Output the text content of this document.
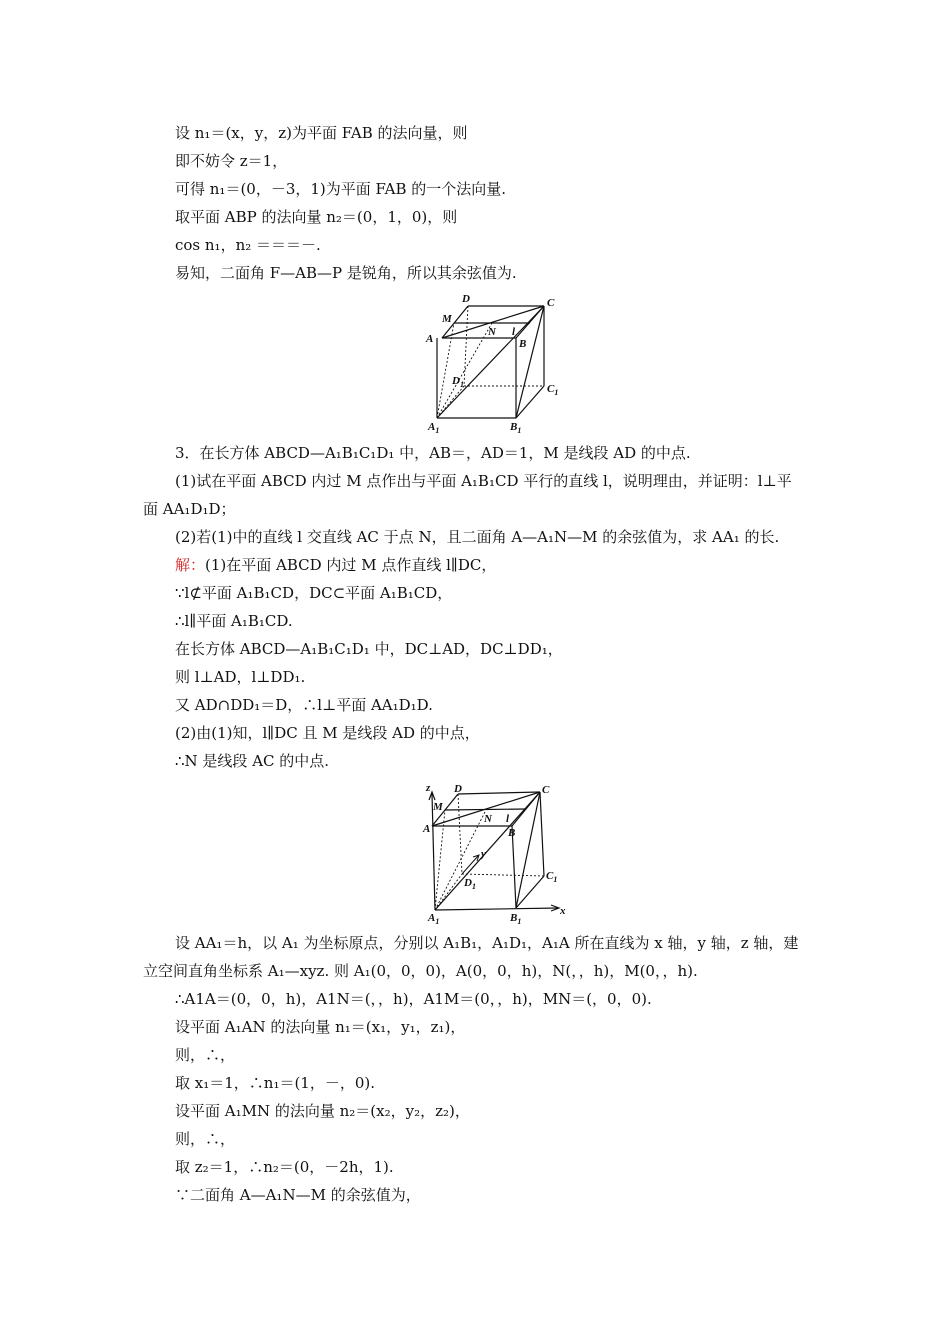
设 n₁＝(x，y，z)为平面 FAB 的法向量，则
即不妨令 z＝1，
可得 n₁＝(0，－3，1)为平面 FAB 的一个法向量.
取平面 ABP 的法向量 n₂＝(0，1，0)，则
cos n₁，n₂ ＝＝＝－.
易知，二面角 F—AB—P 是锐角，所以其余弦值为.
3．在长方体 ABCD—A₁B₁C₁D₁ 中，AB＝，AD＝1，M 是线段 AD 的中点.
(1)试在平面 ABCD 内过 M 点作出与平面 A₁B₁CD 平行的直线 l，说明理由，并证明：l⊥平
面 AA₁D₁D；
(2)若(1)中的直线 l 交直线 AC 于点 N，且二面角 A—A₁N—M 的余弦值为，求 AA₁ 的长.
解：(1)在平面 ABCD 内过 M 点作直线 l∥DC，
∵l⊄平面 A₁B₁CD，DC⊂平面 A₁B₁CD，
∴l∥平面 A₁B₁CD.
在长方体 ABCD—A₁B₁C₁D₁ 中，DC⊥AD，DC⊥DD₁，
则 l⊥AD，l⊥DD₁.
又 AD∩DD₁＝D，∴l⊥平面 AA₁D₁D.
(2)由(1)知，l∥DC 且 M 是线段 AD 的中点，
∴N 是线段 AC 的中点.
设 AA₁＝h，以 A₁ 为坐标原点，分别以 A₁B₁，A₁D₁，A₁A 所在直线为 x 轴，y 轴，z 轴，建
立空间直角坐标系 A₁—xyz. 则 A₁(0，0，0)，A(0，0，h)，N(，，h)，M(0，，h).
∴A1A＝(0，0，h)，A1N＝(，，h)，A1M＝(0，，h)，MN＝(，0，0).
设平面 A₁AN 的法向量 n₁＝(x₁，y₁，z₁)，
则，∴，
取 x₁＝1，∴n₁＝(1，－，0).
设平面 A₁MN 的法向量 n₂＝(x₂，y₂，z₂)，
则，∴，
取 z₂＝1，∴n₂＝(0，－2h，1).
∵二面角 A—A₁N—M 的余弦值为，
D	C
M
N l
A	B
$D_1$	$C_1$
$A_1$	$B_1$
z D	C
M
N l
A	B
y
$D_1$
$C_1$
$A_1$	$B_1$
x
